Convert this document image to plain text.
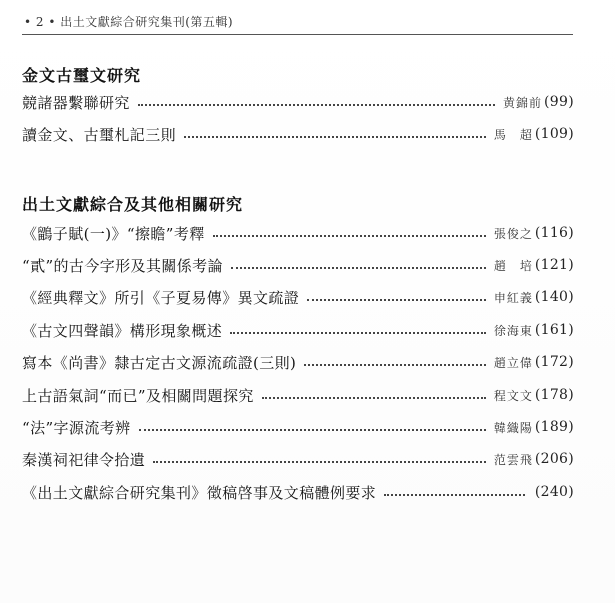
• 2 • 出土文獻綜合研究集刊(第五輯)
金文古璽文研究
競諸器繫聯研究	黄錦前 (99)
讀金文、古璽札記三則	馬　超 (109)
出土文獻綜合及其他相關研究
《鶹子賦(一)》“擦瞻”考釋	張俊之 (116)
“貳”的古今字形及其關係考論	趙　培 (121)
《經典釋文》所引《子夏易傳》異文疏證	申紅義 (140)
《古文四聲韻》構形現象概述	徐海東 (161)
寫本《尚書》隸古定古文源流疏證(三則)	趙立偉 (172)
上古語氣詞“而已”及相關問題探究	程文文 (178)
“法”字源流考辨	韓織陽 (189)
秦漢祠祀律令拾遺	范雲飛 (206)
《出土文獻綜合研究集刊》徵稿啓事及文稿體例要求	(240)
